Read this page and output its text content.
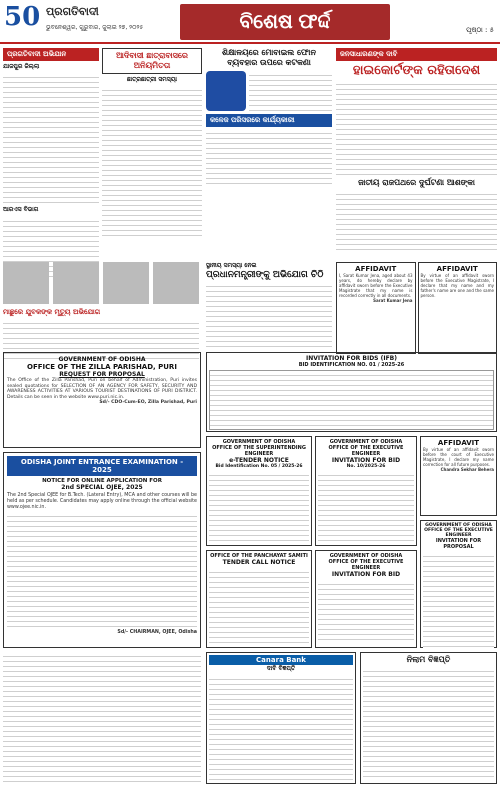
50 ପ୍ରଗତିବାଦୀ
ଭୁବନେଶ୍ୱର, ଗୁରୁବାର, ଜୁଲାଇ ୨୭, ୨୦୨୫	ବିଶେଷ ଫର୍ଦ୍ଦ	ପୃଷ୍ଠା : ୫
ପ୍ରଗତିବାଦୀ ଅଭିଯାନ
ଯାଜପୁର ଜିଲ୍ଲା
ଆରଏସ ବିଭାଗ
ଆଦିବାସୀ ଛାତ୍ରାବାସରେ ଅନିୟମିତତା
ଛାତ୍ରଛାତ୍ରୀ ସମସ୍ୟା
ଶିକ୍ଷାଳୟରେ ମୋବାଇଲ ଫୋନ ବ୍ୟବହାର ଉପରେ କଟକଣା
କଳେଜ ପରିସରରେ କାର୍ଯ୍ୟକାରୀ
ଜନସାଧାରଣଙ୍କ ଦାବି
ହାଇକୋର୍ଟଙ୍କ ରହିତାଦେଶ
ଜାତୀୟ ରାଜପଥରେ ଦୁର୍ଘଟଣା ଆଶଙ୍କା
ମାଛୁରେ ଯୁବକଙ୍କ ମୃତ୍ୟୁ ଅଭିଯୋଗ
ସ୍ଥାନୀୟ ସମସ୍ୟା ନେଇ
ପ୍ରଧାନମନ୍ତ୍ରୀଙ୍କୁ ଅଭିଯୋଗ ଚିଠି
AFFIDAVIT
I, Sarat Kumar Jena, aged about 43 years, do hereby declare by affidavit sworn before the Executive Magistrate that my name is recorded correctly in all documents.
Sarat Kumar Jena
AFFIDAVIT
By virtue of an affidavit sworn before the Executive Magistrate, I declare that my name and my father's name are one and the same person.
INVITATION FOR BIDS (IFB)
BID IDENTIFICATION NO. 01 / 2025-26
GOVERNMENT OF ODISHA
OFFICE OF THE ZILLA PARISHAD, PURI
REQUEST FOR PROPOSAL
The Office of the Zilla Parishad, Puri on behalf of Administration, Puri invites sealed quotations for SELECTION OF AN AGENCY FOR SAFETY, SECURITY AND AWARENESS ACTIVITIES AT VARIOUS TOURIST DESTINATIONS OF PURI DISTRICT. Details can be seen in the website www.puri.nic.in.
Sd/- CDO-Cum-EO, Zilla Parishad, Puri
AFFIDAVIT
By virtue of an affidavit sworn before the court of Executive Magistrate, I declare my name correction for all future purposes.
Chandra Sekhar Behera
GOVERNMENT OF ODISHA
OFFICE OF THE SUPERINTENDING ENGINEER
e-TENDER NOTICE
Bid Identification No. 05 / 2025-26
GOVERNMENT OF ODISHA
OFFICE OF THE EXECUTIVE ENGINEER
INVITATION FOR BID
No. 10/2025-26
ODISHA JOINT ENTRANCE EXAMINATION - 2025
NOTICE FOR ONLINE APPLICATION FOR
2nd SPECIAL OJEE, 2025
The 2nd Special OJEE for B.Tech. (Lateral Entry), MCA and other courses will be held as per schedule. Candidates may apply online through the official website www.ojee.nic.in.
Sd/- CHAIRMAN, OJEE, Odisha
GOVERNMENT OF ODISHA
OFFICE OF THE EXECUTIVE ENGINEER
INVITATION FOR PROPOSAL
OFFICE OF THE PANCHAYAT SAMITI
TENDER CALL NOTICE
GOVERNMENT OF ODISHA
OFFICE OF THE EXECUTIVE ENGINEER
INVITATION FOR BID
Canara Bank
ଦାବି ବିଜ୍ଞପ୍ତି
ନିଲାମ ବିଜ୍ଞପ୍ତି
